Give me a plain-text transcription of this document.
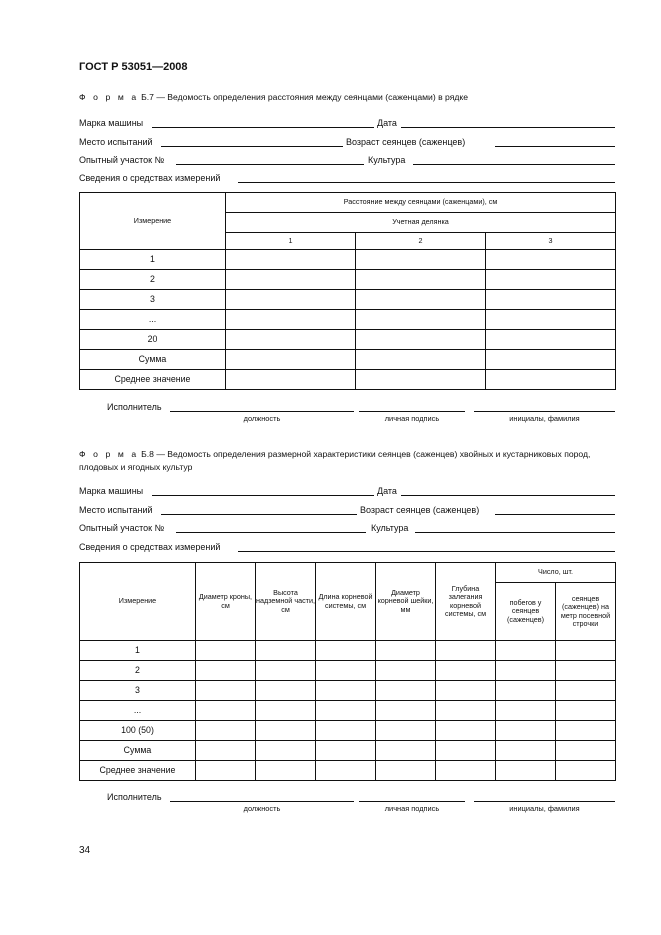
ГОСТ Р 53051—2008
Ф о р м а Б.7 — Ведомость определения расстояния между сеянцами (саженцами) в рядке
Марка машины	Дата
Место испытаний	Возраст сеянцев (саженцев)
Опытный участок №	Культура
Сведения о средствах измерений
Измерение	Расстояние между сеянцами (саженцами), см		
	Учетная делянка		
	1	2	3
1			
2			
3			
...			
20			
Сумма			
Среднее значение			
Исполнитель
должность	личная подпись	инициалы, фамилия
Ф о р м а Б.8 — Ведомость определения размерной характеристики сеянцев (саженцев) хвойных и кустарниковых пород, плодовых и ягодных культур
Марка машины	Дата
Место испытаний	Возраст сеянцев (саженцев)
Опытный участок №	Культура
Сведения о средствах измерений
Измерение	Диаметр кроны, см	Высота надземной части, см	Длина корневой системы, см	Диаметр корневой шейки, мм	Глубина залегания корневой системы, см	Число, шт.	
						побегов у сеянцев (саженцев)	сеянцев (саженцев) на метр посевной строчки
1							
2							
3							
...							
100 (50)							
Сумма							
Среднее значение							
Исполнитель
должность	личная подпись	инициалы, фамилия
34
